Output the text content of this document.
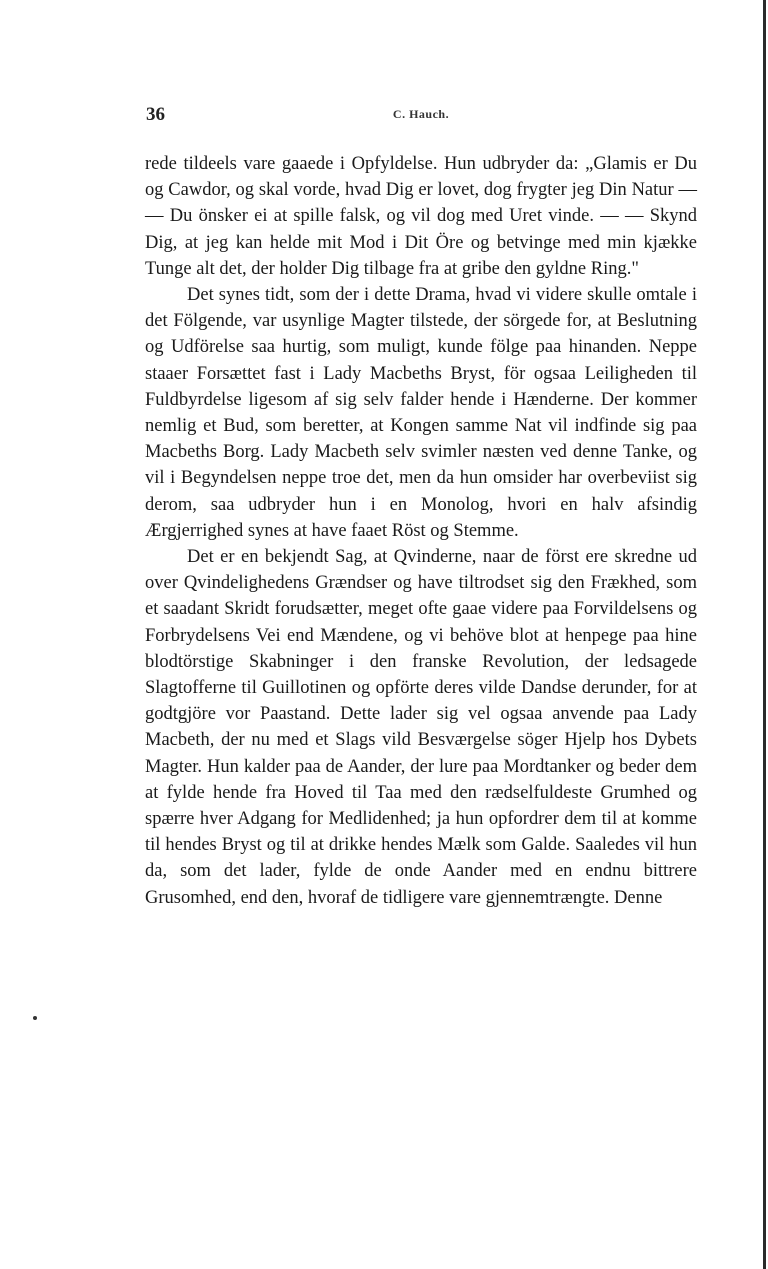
36	C. Hauch.

rede tildeels vare gaaede i Opfyldelse. Hun udbryder da: „Glamis er Du og Cawdor, og skal vorde, hvad Dig er lovet, dog frygter jeg Din Natur — — Du önsker ei at spille falsk, og vil dog med Uret vinde. — — Skynd Dig, at jeg kan helde mit Mod i Dit Öre og betvinge med min kjække Tunge alt det, der holder Dig tilbage fra at gribe den gyldne Ring."

Det synes tidt, som der i dette Drama, hvad vi videre skulle omtale i det Fölgende, var usynlige Magter tilstede, der sörgede for, at Beslutning og Udförelse saa hurtig, som muligt, kunde fölge paa hinanden. Neppe staaer Forsættet fast i Lady Macbeths Bryst, för ogsaa Leiligheden til Fuldbyrdelse ligesom af sig selv falder hende i Hænderne. Der kommer nemlig et Bud, som beretter, at Kongen samme Nat vil indfinde sig paa Macbeths Borg. Lady Macbeth selv svimler næsten ved denne Tanke, og vil i Begyndelsen neppe troe det, men da hun omsider har overbeviist sig derom, saa udbryder hun i en Monolog, hvori en halv afsindig Ærgjerrighed synes at have faaet Röst og Stemme.

Det er en bekjendt Sag, at Qvinderne, naar de först ere skredne ud over Qvindelighedens Grændser og have tiltrodset sig den Frækhed, som et saadant Skridt forudsætter, meget ofte gaae videre paa Forvildelsens og Forbrydelsens Vei end Mændene, og vi behöve blot at henpege paa hine blodtörstige Skabninger i den franske Revolution, der ledsagede Slagtofferne til Guillotinen og opförte deres vilde Dandse derunder, for at godtgjöre vor Paastand. Dette lader sig vel ogsaa anvende paa Lady Macbeth, der nu med et Slags vild Besværgelse söger Hjelp hos Dybets Magter. Hun kalder paa de Aander, der lure paa Mordtanker og beder dem at fylde hende fra Hoved til Taa med den rædselfuldeste Grumhed og spærre hver Adgang for Medlidenhed; ja hun opfordrer dem til at komme til hendes Bryst og til at drikke hendes Mælk som Galde. Saaledes vil hun da, som det lader, fylde de onde Aander med en endnu bittrere Grusomhed, end den, hvoraf de tidligere vare gjennemtrængte. Denne
